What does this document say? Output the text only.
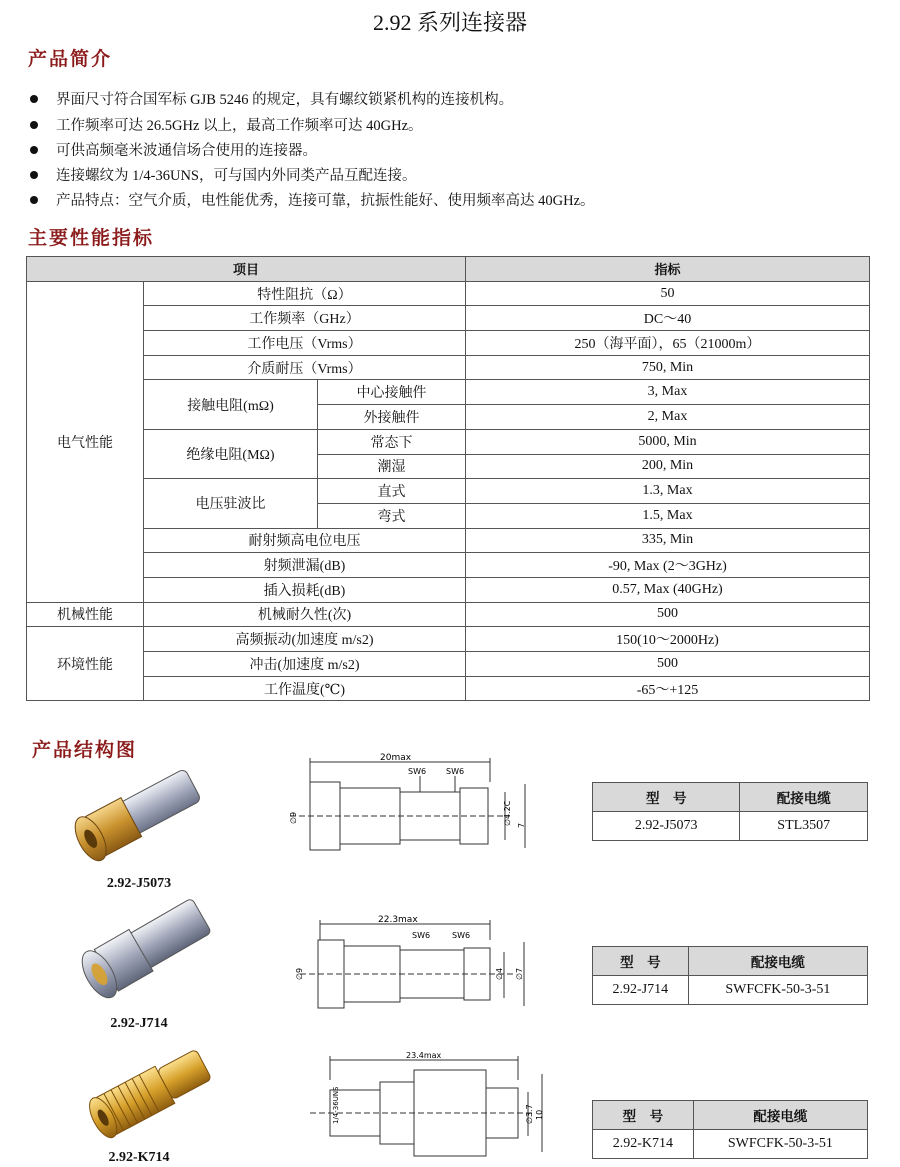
2.92 系列连接器
产品简介
界面尺寸符合国军标 GJB 5246 的规定，具有螺纹锁紧机构的连接机构。
工作频率可达 26.5GHz 以上，最高工作频率可达 40GHz。
可供高频毫米波通信场合使用的连接器。
连接螺纹为 1/4-36UNS，可与国内外同类产品互配连接。
产品特点：空气介质，电性能优秀，连接可靠，抗振性能好、使用频率高达 40GHz。
主要性能指标
项目			指标
电气性能	特性阻抗（Ω）		50
	工作频率（GHz）		DC～40
	工作电压（Vrms）		250（海平面），65（21000m）
	介质耐压（Vrms）		750, Min
	接触电阻(mΩ)	中心接触件	3, Max
		外接触件	2, Max
	绝缘电阻(MΩ)	常态下	5000, Min
		潮湿	200, Min
	电压驻波比	直式	1.3, Max
		弯式	1.5, Max
	耐射频高电位电压		335, Min
	射频泄漏(dB)		-90, Max (2～3GHz)
	插入损耗(dB)		0.57, Max (40GHz)
机械性能	机械耐久性(次)		500
环境性能	高频振动(加速度 m/s2)		150(10～2000Hz)
	冲击(加速度 m/s2)		500
	工作温度(℃)		-65～+125
产品结构图
2.92-J5073
20max
SW6 SW6
∅9	∅4.2C 7
型　号	配接电缆
2.92-J5073	STL3507
2.92-J714
22.3max
SW6	SW6
∅9	∅4 ∅7
型　号	配接电缆
2.92-J714	SWFCFK-50-3-51
2.92-K714
23.4max
1/4-36UNS	∅3.7 10	型　号	配接电缆
2.92-K714	SWFCFK-50-3-51
